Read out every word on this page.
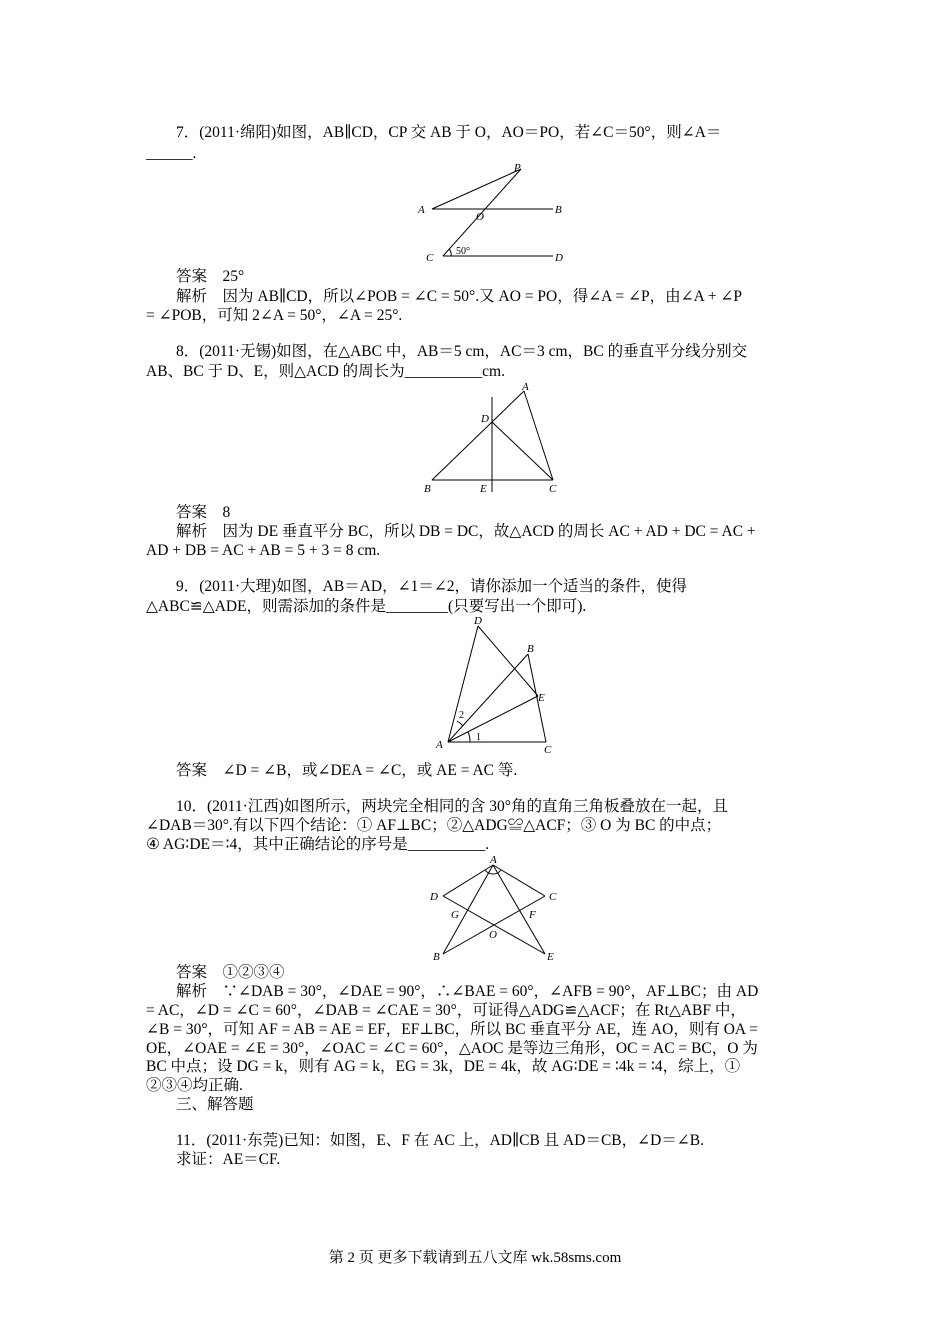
7．(2011·绵阳)如图，AB∥CD，CP 交 AB 于 O，AO＝PO，若∠C＝50°，则∠A＝
______.
P
A
O
B
C	D
50°
答案　25°
解析　因为 AB∥CD，所以∠POB = ∠C = 50°.又 AO = PO，得∠A = ∠P，由∠A + ∠P
= ∠POB，可知 2∠A = 50°，∠A = 25°.
8．(2011·无锡)如图，在△ABC 中，AB＝5 cm，AC＝3 cm，BC 的垂直平分线分别交
AB、BC 于 D、E，则△ACD 的周长为__________cm.
A
D
B	E	C
答案　8
解析　因为 DE 垂直平分 BC，所以 DB = DC，故△ACD 的周长 AC + AD + DC = AC +
AD + DB = AC + AB = 5 + 3 = 8 cm.
9．(2011·大理)如图，AB＝AD，∠1＝∠2，请你添加一个适当的条件，使得
△ABC≌△ADE，则需添加的条件是________(只要写出一个即可).
D
B
E
A	C
1
2
答案　∠D = ∠B，或∠DEA = ∠C，或 AE = AC 等.
10．(2011·江西)如图所示，两块完全相同的含 30°角的直角三角板叠放在一起，且
∠DAB＝30°.有以下四个结论：① AF⊥BC；②△ADG≌△ACF；③ O 为 BC 的中点；
④ AG∶DE＝∶4，其中正确结论的序号是__________.
A
D	C
G	F
O
B	E
答案　①②③④
解析　∵∠DAB = 30°，∠DAE = 90°，∴∠BAE = 60°，∠AFB = 90°，AF⊥BC；由 AD
= AC，∠D = ∠C = 60°，∠DAB = ∠CAE = 30°，可证得△ADG≌△ACF；在 Rt△ABF 中，
∠B = 30°，可知 AF = AB = AE = EF，EF⊥BC，所以 BC 垂直平分 AE，连 AO，则有 OA =
OE，∠OAE = ∠E = 30°，∠OAC = ∠C = 60°，△AOC 是等边三角形，OC = AC = BC，O 为
BC 中点；设 DG = k，则有 AG = k，EG = 3k，DE = 4k，故 AG∶DE = ∶4k = ∶4，综上，①
②③④均正确.
三、解答题
11．(2011·东莞)已知：如图，E、F 在 AC 上，AD∥CB 且 AD＝CB，∠D＝∠B.
求证：AE＝CF.
第 2 页 更多下载请到五八文库 wk.58sms.com
